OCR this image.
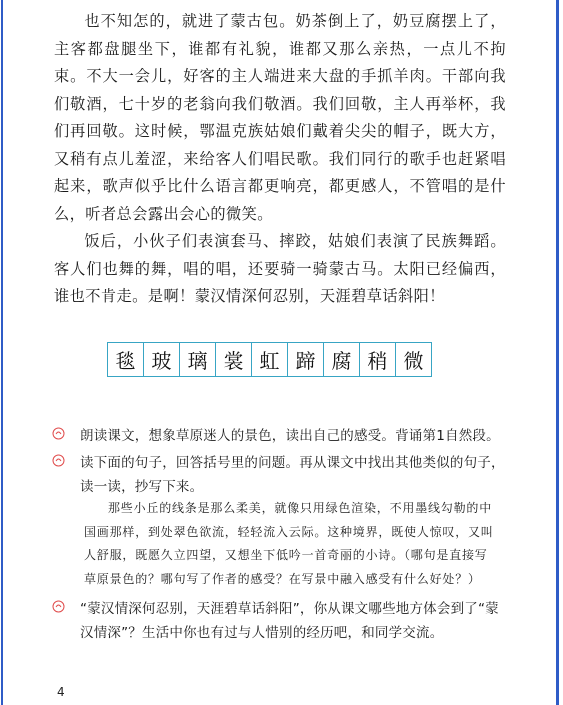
也不知怎的，就进了蒙古包。奶茶倒上了，奶豆腐摆上了，主客都盘腿坐下，谁都有礼貌，谁都又那么亲热，一点儿不拘束。不大一会儿，好客的主人端进来大盘的手抓羊肉。干部向我们敬酒，七十岁的老翁向我们敬酒。我们回敬，主人再举杯，我们再回敬。这时候，鄂温克族姑娘们戴着尖尖的帽子，既大方，又稍有点儿羞涩，来给客人们唱民歌。我们同行的歌手也赶紧唱起来，歌声似乎比什么语言都更响亮，都更感人，不管唱的是什么，听者总会露出会心的微笑。

饭后，小伙子们表演套马、摔跤，姑娘们表演了民族舞蹈。客人们也舞的舞，唱的唱，还要骑一骑蒙古马。太阳已经偏西，谁也不肯走。是啊！蒙汉情深何忍别，天涯碧草话斜阳！

毯 玻 璃 裳 虹 蹄 腐 稍 微
朗读课文，想象草原迷人的景色，读出自己的感受。背诵第1自然段。
读下面的句子，回答括号里的问题。再从课文中找出其他类似的句子，读一读，抄写下来。
那些小丘的线条是那么柔美，就像只用绿色渲染，不用墨线勾勒的中国画那样，到处翠色欲流，轻轻流入云际。这种境界，既使人惊叹，又叫人舒服，既愿久立四望，又想坐下低吟一首奇丽的小诗。（哪句是直接写草原景色的？哪句写了作者的感受？在写景中融入感受有什么好处？）
“蒙汉情深何忍别，天涯碧草话斜阳”，你从课文哪些地方体会到了“蒙汉情深”？生活中你也有过与人惜别的经历吧，和同学交流。
4
